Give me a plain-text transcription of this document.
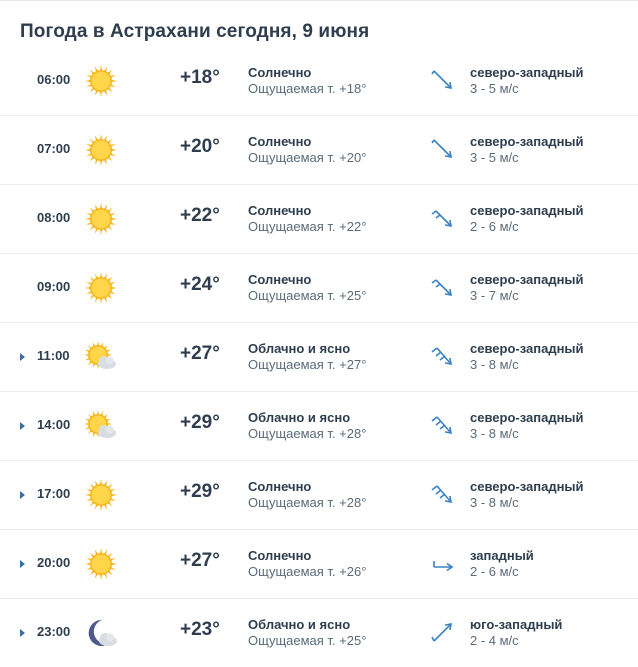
Погода в Астрахани сегодня, 9 июня
06:00	+18° Солнечно
Ощущаемая т. +18°
северо-западный
3 - 5 м/с
07:00	+20° Солнечно
Ощущаемая т. +20°
северо-западный
3 - 5 м/с
08:00	+22° Солнечно
Ощущаемая т. +22°
северо-западный
2 - 6 м/с
09:00	+24° Солнечно
Ощущаемая т. +25°
северо-западный
3 - 7 м/с
11:00	+27° Облачно и ясно
Ощущаемая т. +27°
северо-западный
3 - 8 м/с
14:00	+29° Облачно и ясно
Ощущаемая т. +28°
северо-западный
3 - 8 м/с
17:00	+29° Солнечно
Ощущаемая т. +28°
северо-западный
3 - 8 м/с
20:00	+27° Солнечно
Ощущаемая т. +26°
западный
2 - 6 м/с
23:00	+23° Облачно и ясно
Ощущаемая т. +25°
юго-западный
2 - 4 м/с
